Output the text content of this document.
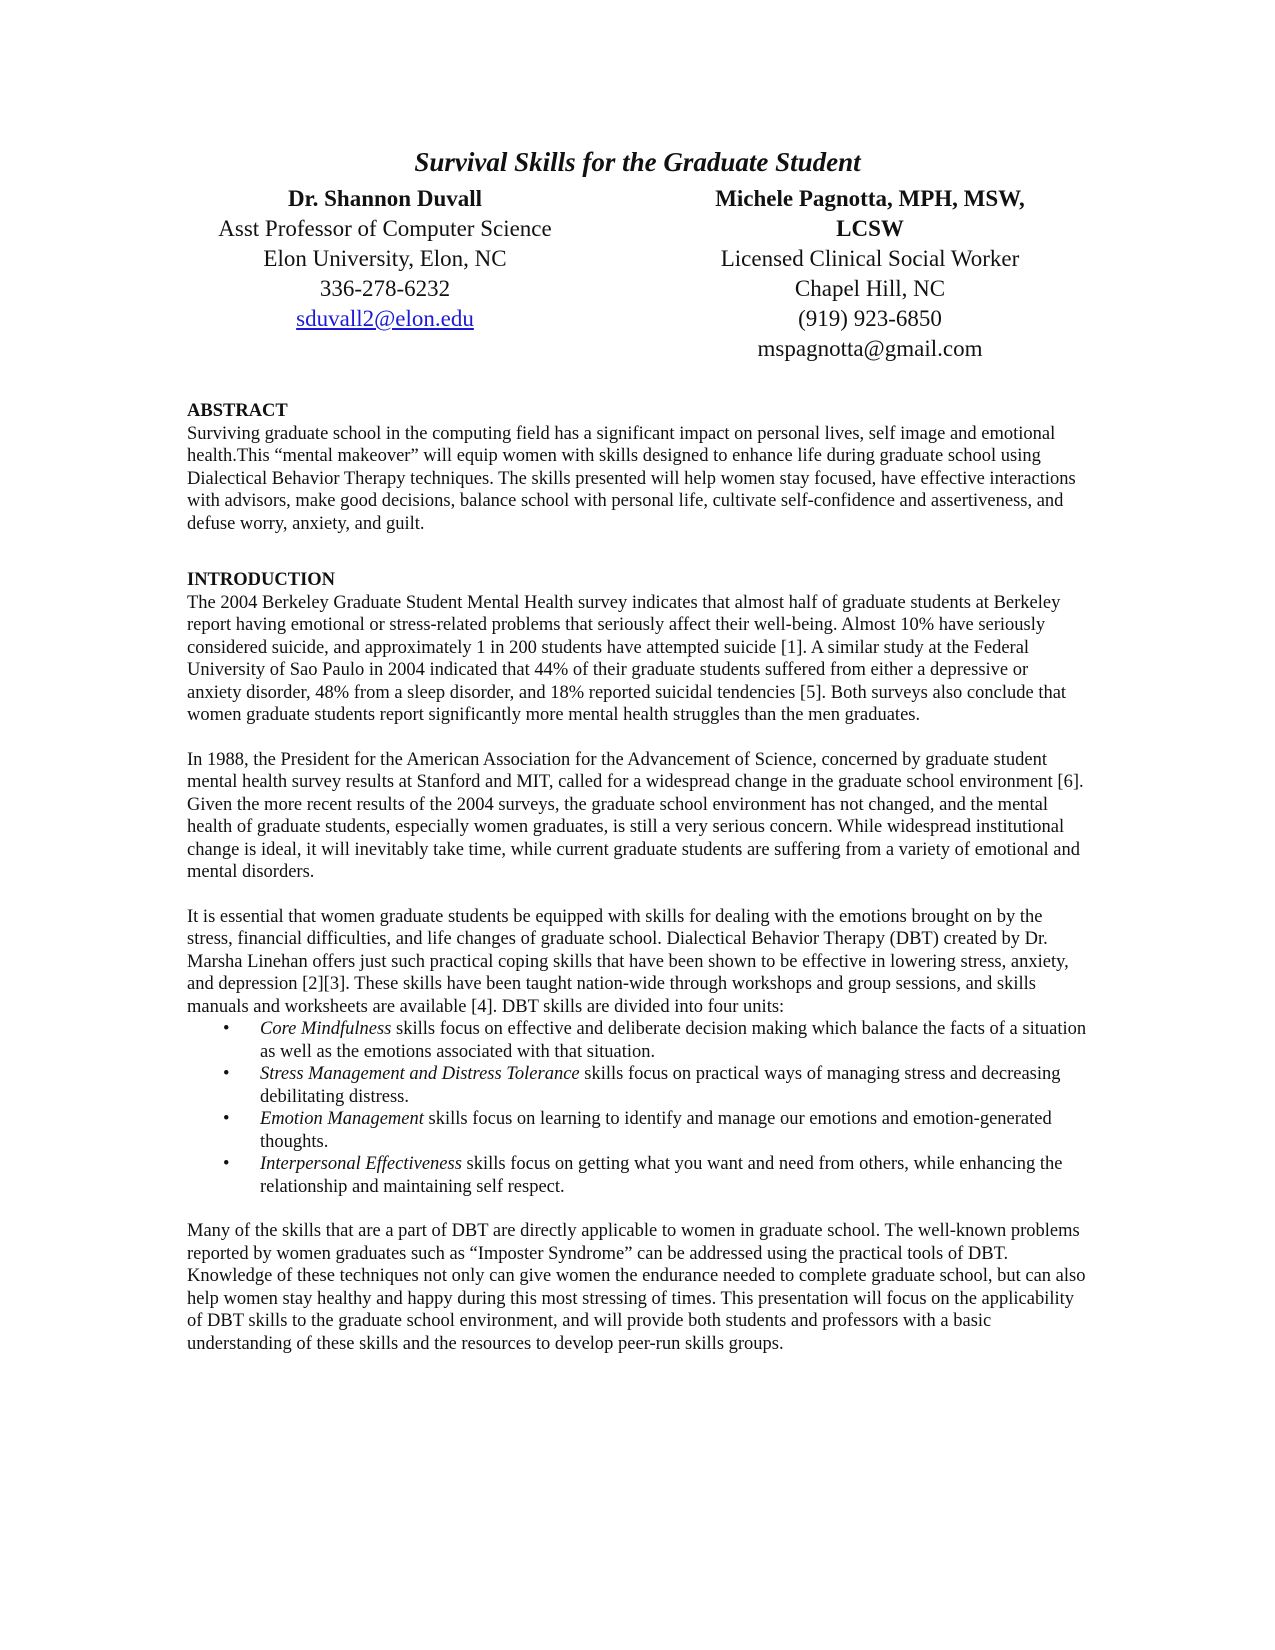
Survival Skills for the Graduate Student
Dr. Shannon Duvall
Asst Professor of Computer Science
Elon University, Elon, NC
336-278-6232
sduvall2@elon.edu
Michele Pagnotta, MPH, MSW,
LCSW
Licensed Clinical Social Worker
Chapel Hill, NC
(919) 923-6850
mspagnotta@gmail.com
ABSTRACT

Surviving graduate school in the computing field has a significant impact on personal lives, self image and emotional health.This “mental makeover” will equip women with skills designed to enhance life during graduate school using Dialectical Behavior Therapy techniques. The skills presented will help women stay focused, have effective interactions with advisors, make good decisions, balance school with personal life, cultivate self-confidence and assertiveness, and defuse worry, anxiety, and guilt.

INTRODUCTION

The 2004 Berkeley Graduate Student Mental Health survey indicates that almost half of graduate students at Berkeley report having emotional or stress-related problems that seriously affect their well-being. Almost 10% have seriously considered suicide, and approximately 1 in 200 students have attempted suicide [1]. A similar study at the Federal University of Sao Paulo in 2004 indicated that 44% of their graduate students suffered from either a depressive or anxiety disorder, 48% from a sleep disorder, and 18% reported suicidal tendencies [5]. Both surveys also conclude that women graduate students report significantly more mental health struggles than the men graduates.

In 1988, the President for the American Association for the Advancement of Science, concerned by graduate student mental health survey results at Stanford and MIT, called for a widespread change in the graduate school environment [6]. Given the more recent results of the 2004 surveys, the graduate school environment has not changed, and the mental health of graduate students, especially women graduates, is still a very serious concern. While widespread institutional change is ideal, it will inevitably take time, while current graduate students are suffering from a variety of emotional and mental disorders.

It is essential that women graduate students be equipped with skills for dealing with the emotions brought on by the stress, financial difficulties, and life changes of graduate school. Dialectical Behavior Therapy (DBT) created by Dr. Marsha Linehan offers just such practical coping skills that have been shown to be effective in lowering stress, anxiety, and depression [2][3]. These skills have been taught nation-wide through workshops and group sessions, and skills manuals and worksheets are available [4]. DBT skills are divided into four units:

• Core Mindfulness skills focus on effective and deliberate decision making which balance the facts of a situation as well as the emotions associated with that situation.
• Stress Management and Distress Tolerance skills focus on practical ways of managing stress and decreasing debilitating distress.
• Emotion Management skills focus on learning to identify and manage our emotions and emotion-generated thoughts.
• Interpersonal Effectiveness skills focus on getting what you want and need from others, while enhancing the relationship and maintaining self respect.

Many of the skills that are a part of DBT are directly applicable to women in graduate school. The well-known problems reported by women graduates such as “Imposter Syndrome” can be addressed using the practical tools of DBT. Knowledge of these techniques not only can give women the endurance needed to complete graduate school, but can also help women stay healthy and happy during this most stressing of times. This presentation will focus on the applicability of DBT skills to the graduate school environment, and will provide both students and professors with a basic understanding of these skills and the resources to develop peer-run skills groups.
